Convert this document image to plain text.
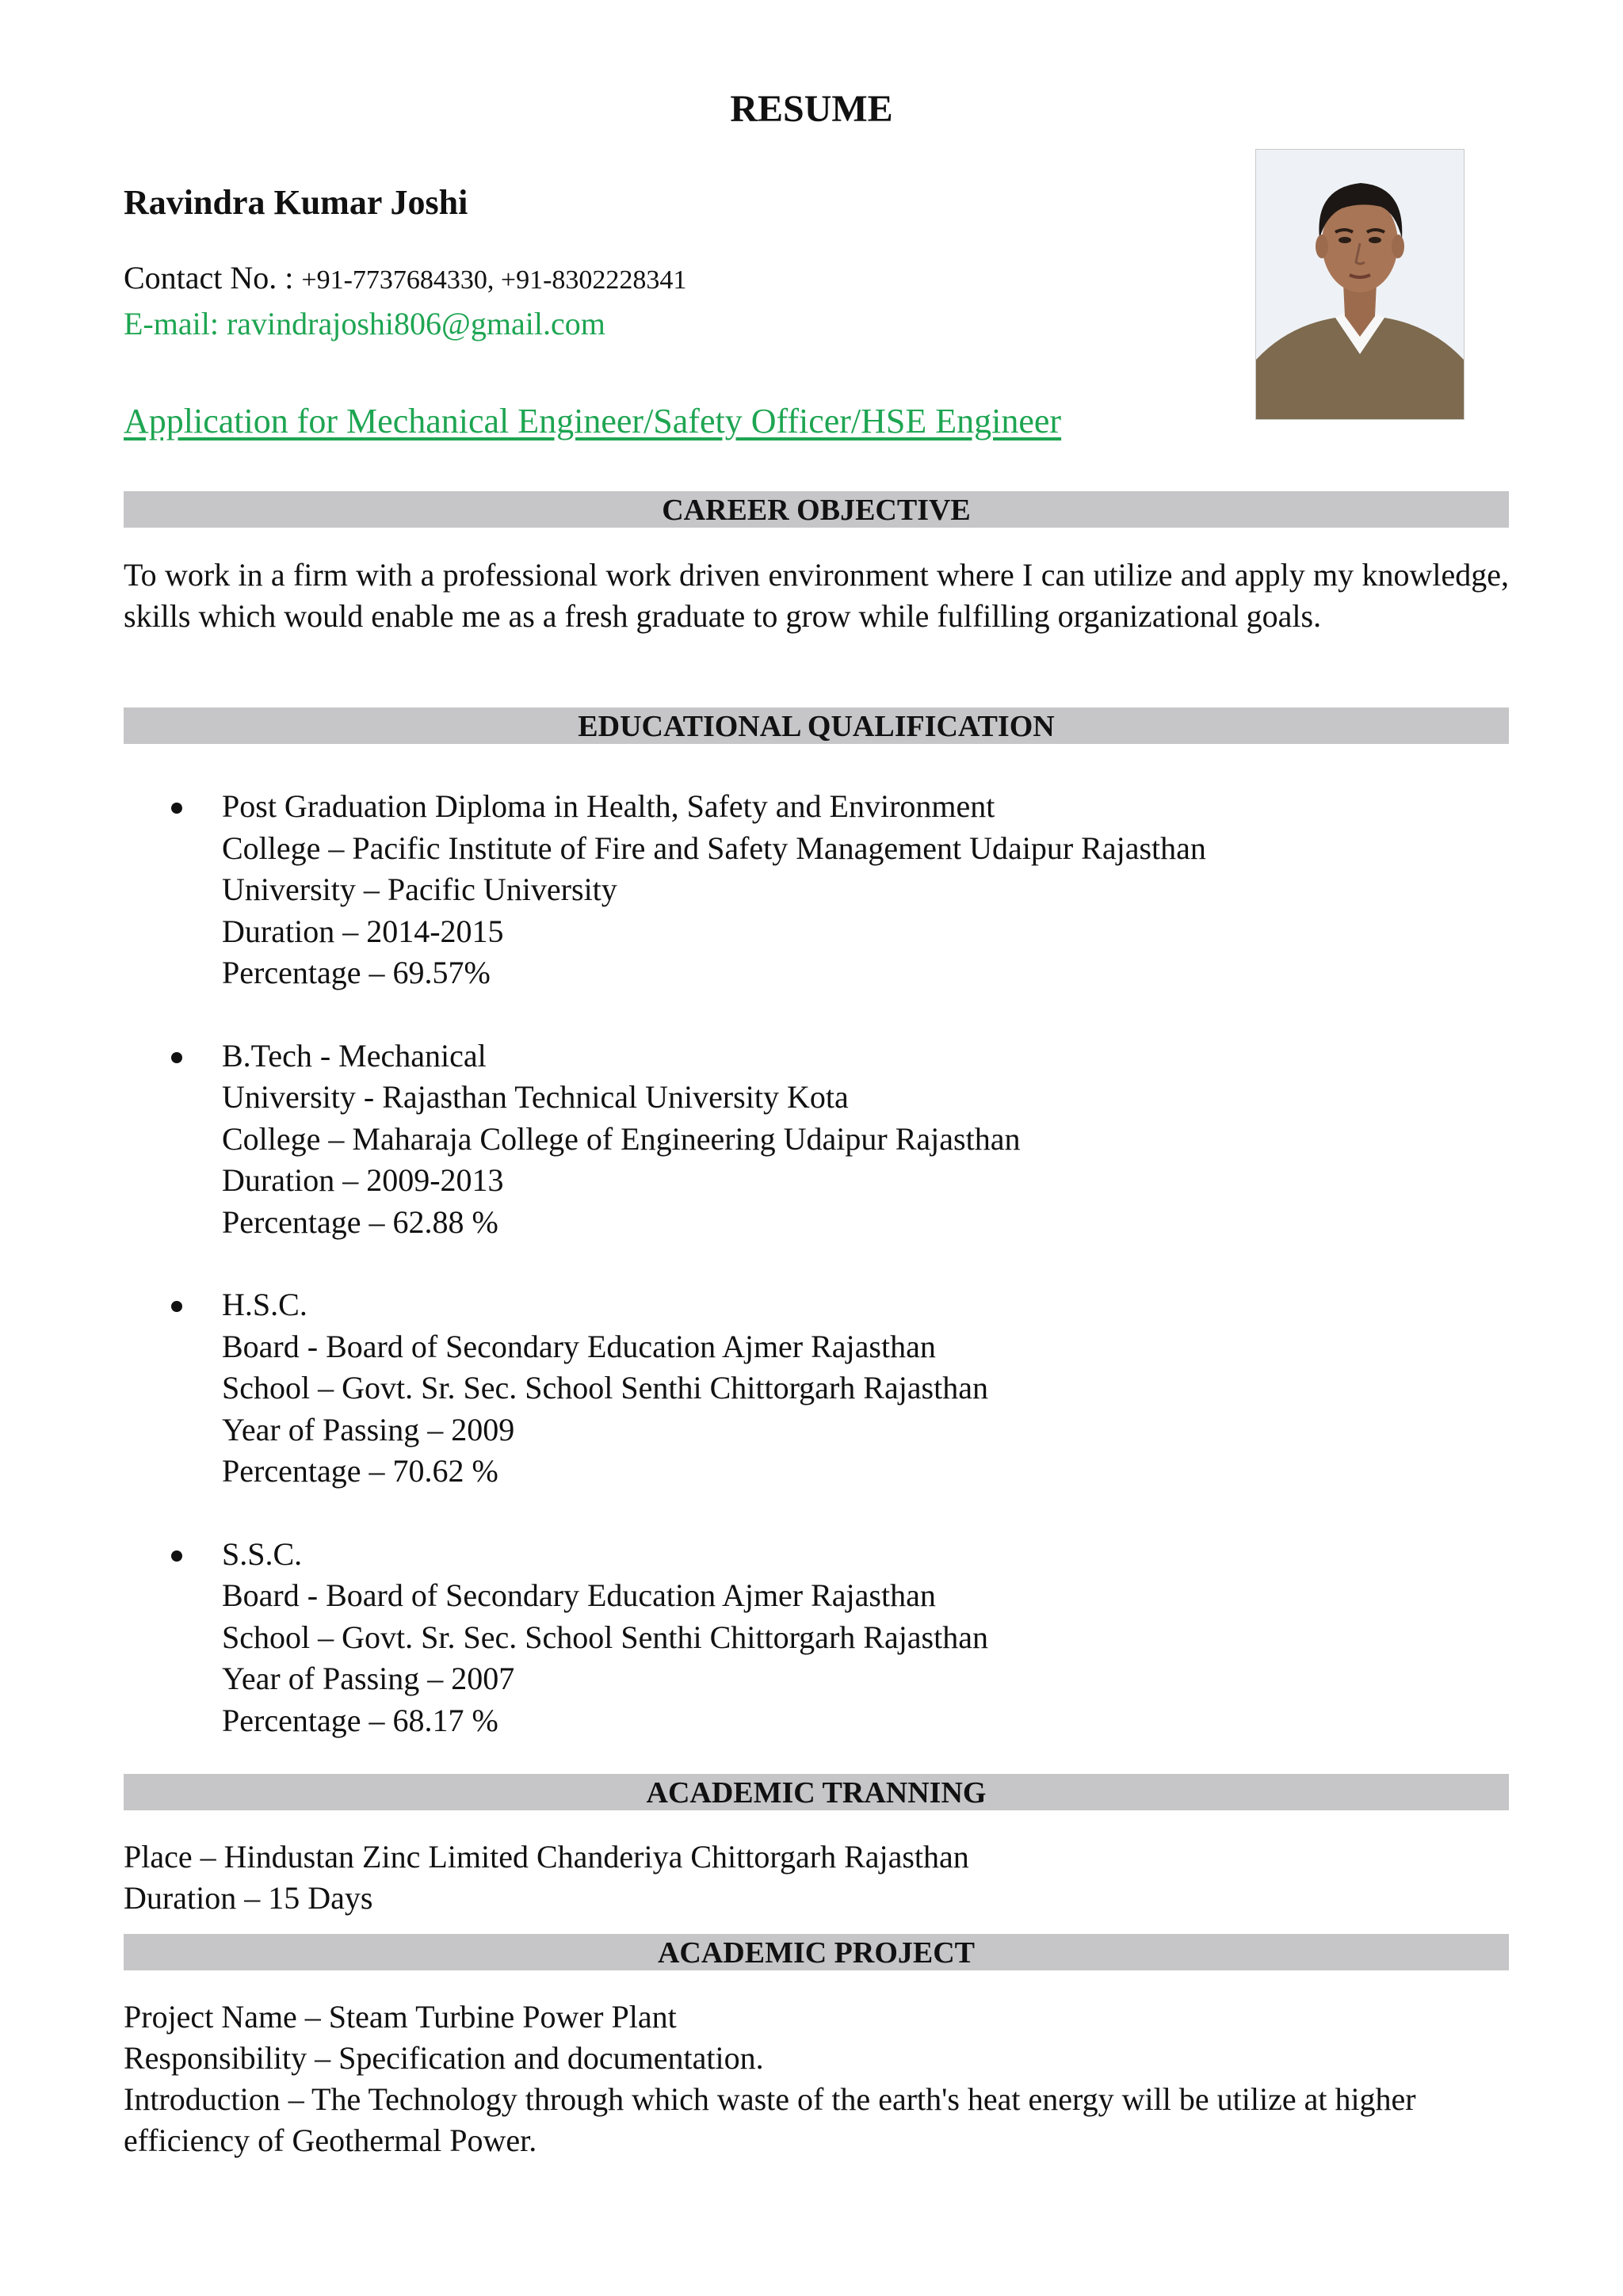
RESUME
Ravindra Kumar Joshi
Contact No. : +91-7737684330, +91-8302228341
E-mail: ravindrajoshi806@gmail.com
Application for Mechanical Engineer/Safety Officer/HSE Engineer
CAREER OBJECTIVE
To work in a firm with a professional work driven environment where I can utilize and apply my knowledge, skills which would enable me as a fresh graduate to grow while fulfilling organizational goals.
EDUCATIONAL QUALIFICATION
Post Graduation Diploma in Health, Safety and Environment
College – Pacific Institute of Fire and Safety Management Udaipur Rajasthan
University – Pacific University
Duration – 2014-2015
Percentage – 69.57%
B.Tech - Mechanical
University - Rajasthan Technical University Kota
College – Maharaja College of Engineering Udaipur Rajasthan
Duration – 2009-2013
Percentage – 62.88 %
H.S.C.
Board - Board of Secondary Education Ajmer Rajasthan
School – Govt. Sr. Sec. School Senthi Chittorgarh Rajasthan
Year of Passing – 2009
Percentage – 70.62 %
S.S.C.
Board - Board of Secondary Education Ajmer Rajasthan
School – Govt. Sr. Sec. School Senthi Chittorgarh Rajasthan
Year of Passing – 2007
Percentage – 68.17 %
ACADEMIC TRANNING
Place – Hindustan Zinc Limited Chanderiya Chittorgarh Rajasthan
Duration – 15 Days
ACADEMIC PROJECT
Project Name – Steam Turbine Power Plant
Responsibility – Specification and documentation.
Introduction – The Technology through which waste of the earth's heat energy will be utilize at higher efficiency of Geothermal Power.
